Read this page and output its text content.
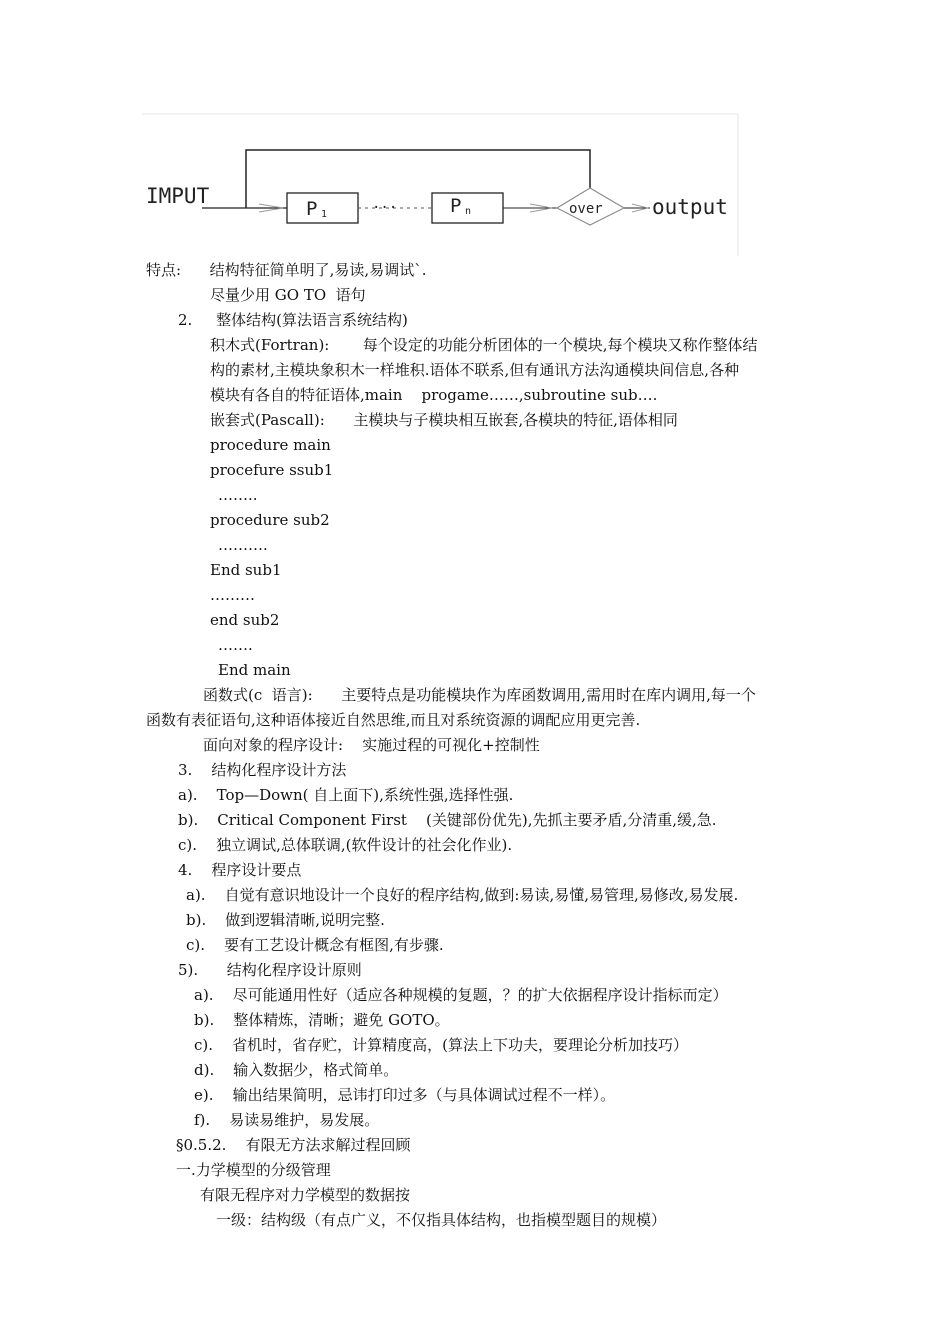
P 1	···	P n	over
IMPUT	output
特点:      结构特征简单明了,易读,易调试`.
尽量少用 GO TO  语句
2.     整体结构(算法语言系统结构)
积木式(Fortran):       每个设定的功能分析团体的一个模块,每个模块又称作整体结
构的素材,主模块象积木一样堆积.语体不联系,但有通讯方法沟通模块间信息,各种
模块有各自的特征语体,main    progame……,subroutine sub….
嵌套式(Pascall):      主模块与子模块相互嵌套,各模块的特征,语体相同
procedure main
procefure ssub1
……..
procedure sub2
……….
End sub1
………
end sub2
…….
End main
函数式(c  语言):      主要特点是功能模块作为库函数调用,需用时在库内调用,每一个
函数有表征语句,这种语体接近自然思维,而且对系统资源的调配应用更完善.
面向对象的程序设计:    实施过程的可视化+控制性
3.    结构化程序设计方法
a).    Top—Down( 自上面下),系统性强,选择性强.
b).    Critical Component First    (关键部份优先),先抓主要矛盾,分清重,缓,急.
c).    独立调试,总体联调,(软件设计的社会化作业).
4.    程序设计要点
a).    自觉有意识地设计一个良好的程序结构,做到:易读,易懂,易管理,易修改,易发展.
b).    做到逻辑清晰,说明完整.
c).    要有工艺设计概念有框图,有步骤.
5).      结构化程序设计原则
a).    尽可能通用性好（适应各种规模的复题，？的扩大依据程序设计指标而定）
b).    整体精炼，清晰；避免 GOTO。
c).    省机时，省存贮，计算精度高，(算法上下功夫，要理论分析加技巧）
d).    输入数据少，格式简单。
e).    输出结果简明，忌讳打印过多（与具体调试过程不一样）。
f).    易读易维护，易发展。
§0.5.2.    有限无方法求解过程回顾
一.力学模型的分级管理
有限无程序对力学模型的数据按
一级：结构级（有点广义，不仅指具体结构，也指模型题目的规模）
